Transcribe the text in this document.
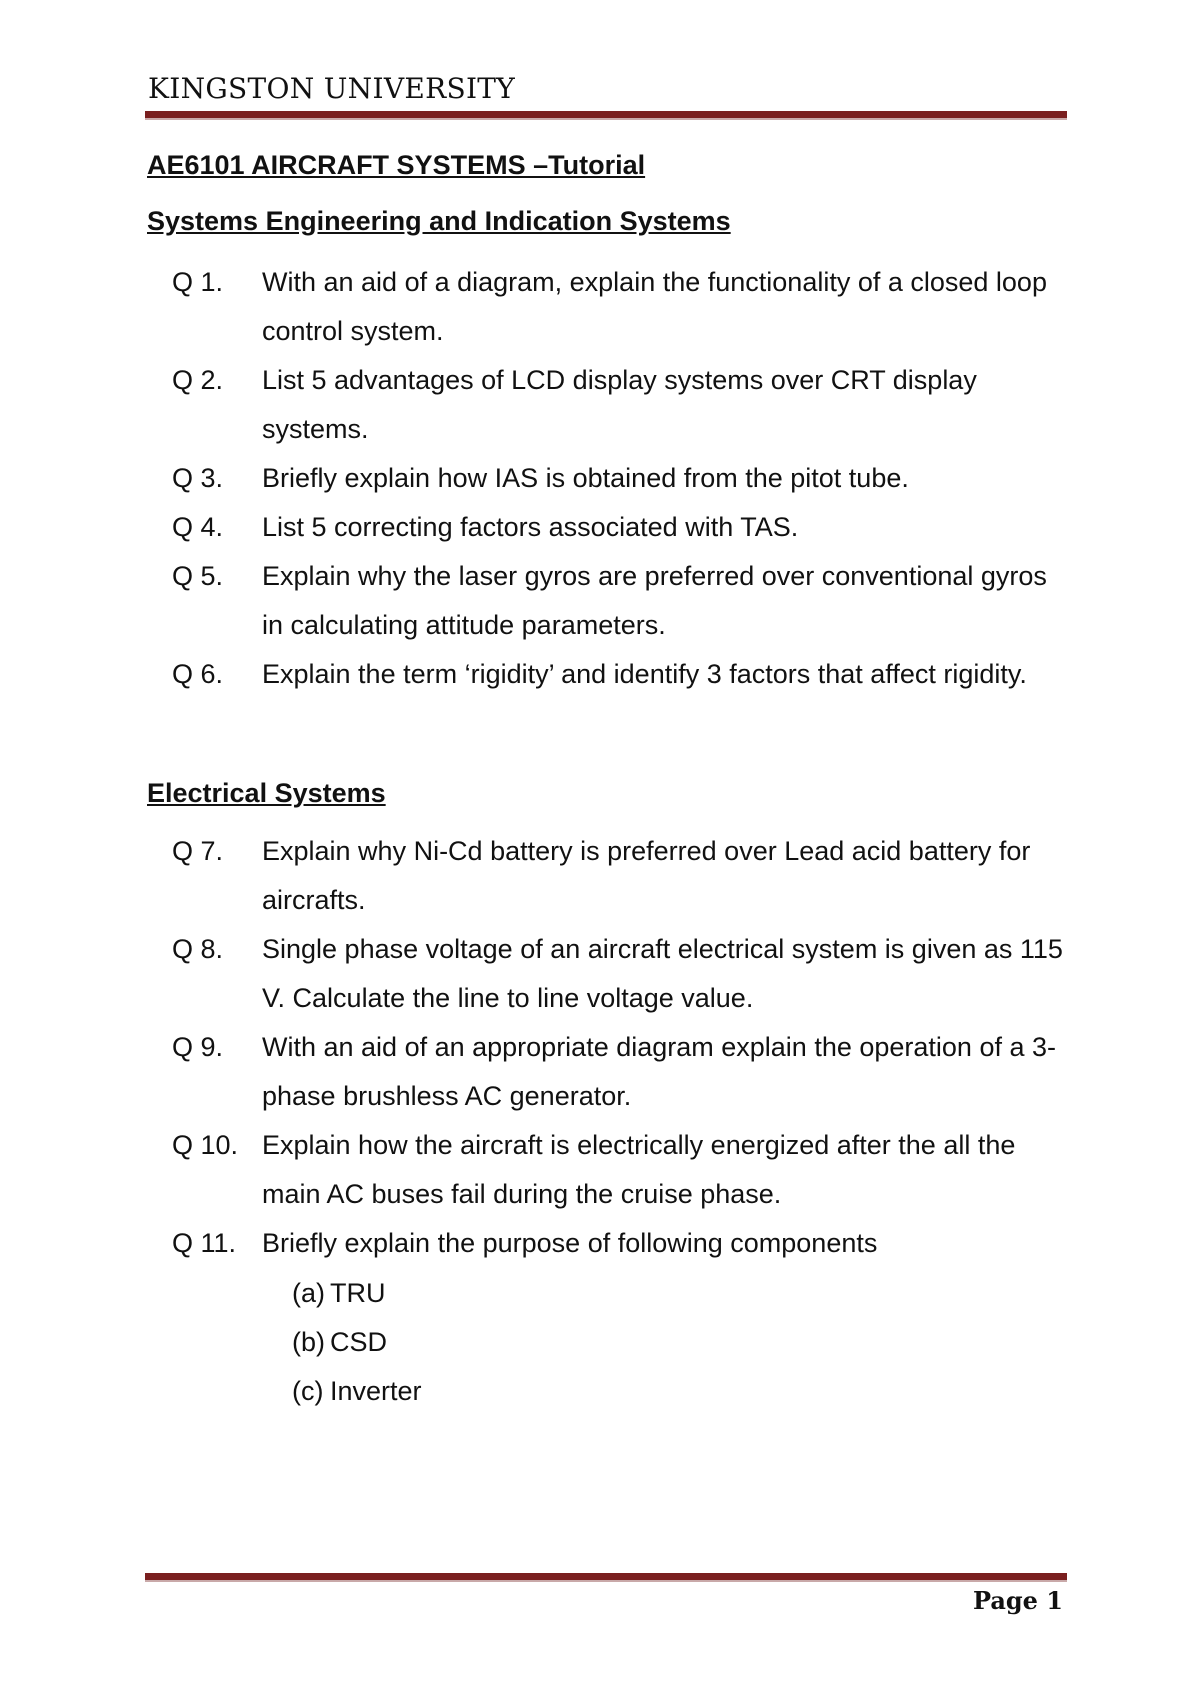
KINGSTON UNIVERSITY
AE6101 AIRCRAFT SYSTEMS –Tutorial
Systems Engineering and Indication Systems
Q 1.	With an aid of a diagram, explain the functionality of a closed loop control system.
Q 2.	List 5 advantages of LCD display systems over CRT display systems.
Q 3.	Briefly explain how IAS is obtained from the pitot tube.
Q 4.	List 5 correcting factors associated with TAS.
Q 5.	Explain why the laser gyros are preferred over conventional gyros in calculating attitude parameters.
Q 6.	Explain the term ‘rigidity’ and identify 3 factors that affect rigidity.
Electrical Systems
Q 7.	Explain why Ni-Cd battery is preferred over Lead acid battery for aircrafts.
Q 8.	Single phase voltage of an aircraft electrical system is given as 115 V. Calculate the line to line voltage value.
Q 9.	With an aid of an appropriate diagram explain the operation of a 3-phase brushless AC generator.
Q 10. Explain how the aircraft is electrically energized after the all the main AC buses fail during the cruise phase.
Q 11. Briefly explain the purpose of following components
(a) TRU
(b) CSD
(c) Inverter
Page 1
